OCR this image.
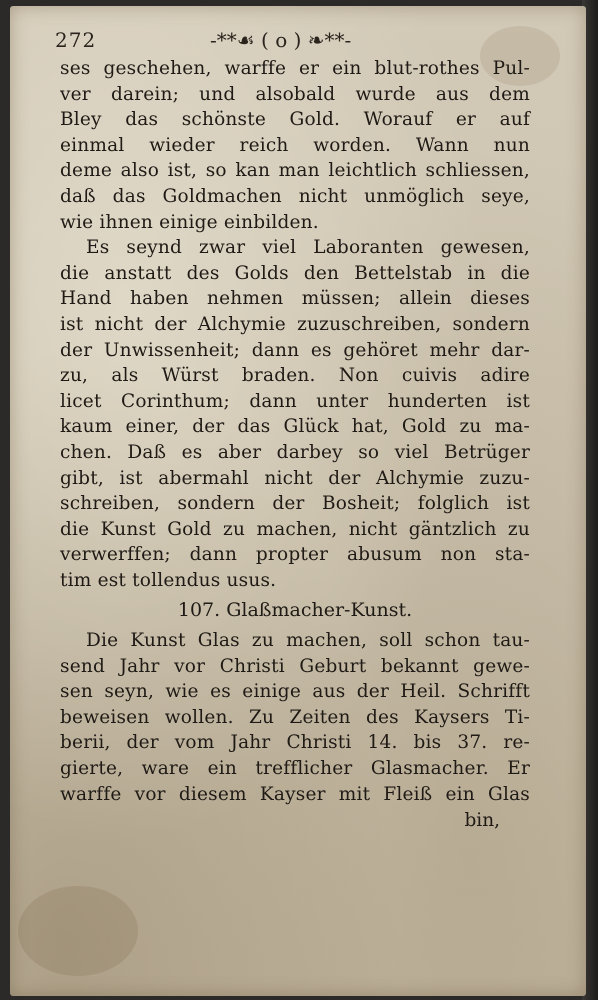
272	-**☙ ( o ) ❧**-
ses geschehen, warffe er ein blut-rothes Pul-
ver darein; und alsobald wurde aus dem
Bley das schönste Gold. Worauf er auf
einmal wieder reich worden. Wann nun
deme also ist, so kan man leichtlich schliessen,
daß das Goldmachen nicht unmöglich seye,
wie ihnen einige einbilden.
Es seynd zwar viel Laboranten gewesen,
die anstatt des Golds den Bettelstab in die
Hand haben nehmen müssen; allein dieses
ist nicht der Alchymie zuzuschreiben, sondern
der Unwissenheit; dann es gehöret mehr dar-
zu, als Würst braden. Non cuivis adire
licet Corinthum; dann unter hunderten ist
kaum einer, der das Glück hat, Gold zu ma-
chen. Daß es aber darbey so viel Betrüger
gibt, ist abermahl nicht der Alchymie zuzu-
schreiben, sondern der Bosheit; folglich ist
die Kunst Gold zu machen, nicht gäntzlich zu
verwerffen; dann propter abusum non sta-
tim est tollendus usus.
107. Glaßmacher-Kunst.
Die Kunst Glas zu machen, soll schon tau-
send Jahr vor Christi Geburt bekannt gewe-
sen seyn, wie es einige aus der Heil. Schrifft
beweisen wollen. Zu Zeiten des Kaysers Ti-
berii, der vom Jahr Christi 14. bis 37. re-
gierte, ware ein trefflicher Glasmacher. Er
warffe vor diesem Kayser mit Fleiß ein Glas
bin,
